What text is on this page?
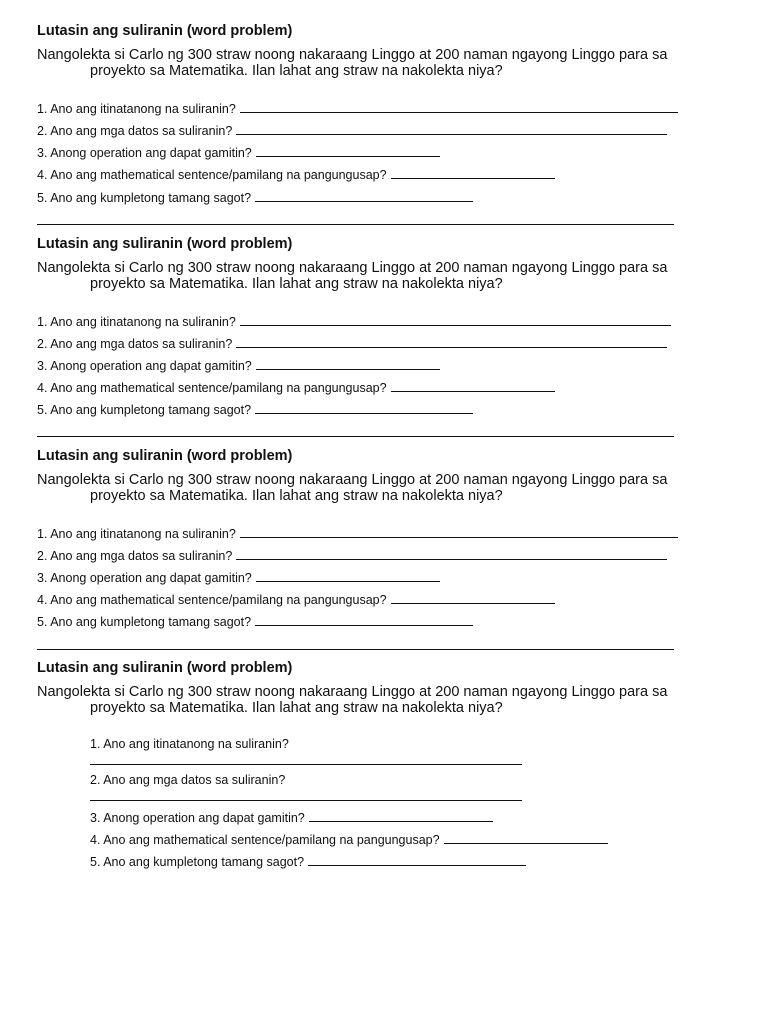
Lutasin ang suliranin (word problem)
Nangolekta si Carlo ng 300 straw noong nakaraang Linggo at 200 naman ngayong Linggo para sa
proyekto sa Matematika. Ilan lahat ang straw na nakolekta niya?
1. Ano ang itinatanong na suliranin?
2. Ano ang mga datos sa suliranin?
3. Anong operation ang dapat gamitin?
4. Ano ang mathematical sentence/pamilang na pangungusap?
5. Ano ang kumpletong tamang sagot?
Lutasin ang suliranin (word problem)
Nangolekta si Carlo ng 300 straw noong nakaraang Linggo at 200 naman ngayong Linggo para sa
proyekto sa Matematika. Ilan lahat ang straw na nakolekta niya?
1. Ano ang itinatanong na suliranin?
2. Ano ang mga datos sa suliranin?
3. Anong operation ang dapat gamitin?
4. Ano ang mathematical sentence/pamilang na pangungusap?
5. Ano ang kumpletong tamang sagot?
Lutasin ang suliranin (word problem)
Nangolekta si Carlo ng 300 straw noong nakaraang Linggo at 200 naman ngayong Linggo para sa
proyekto sa Matematika. Ilan lahat ang straw na nakolekta niya?
1. Ano ang itinatanong na suliranin?
2. Ano ang mga datos sa suliranin?
3. Anong operation ang dapat gamitin?
4. Ano ang mathematical sentence/pamilang na pangungusap?
5. Ano ang kumpletong tamang sagot?
Lutasin ang suliranin (word problem)
Nangolekta si Carlo ng 300 straw noong nakaraang Linggo at 200 naman ngayong Linggo para sa
proyekto sa Matematika. Ilan lahat ang straw na nakolekta niya?
1. Ano ang itinatanong na suliranin?
2. Ano ang mga datos sa suliranin?
3. Anong operation ang dapat gamitin?
4. Ano ang mathematical sentence/pamilang na pangungusap?
5. Ano ang kumpletong tamang sagot?
